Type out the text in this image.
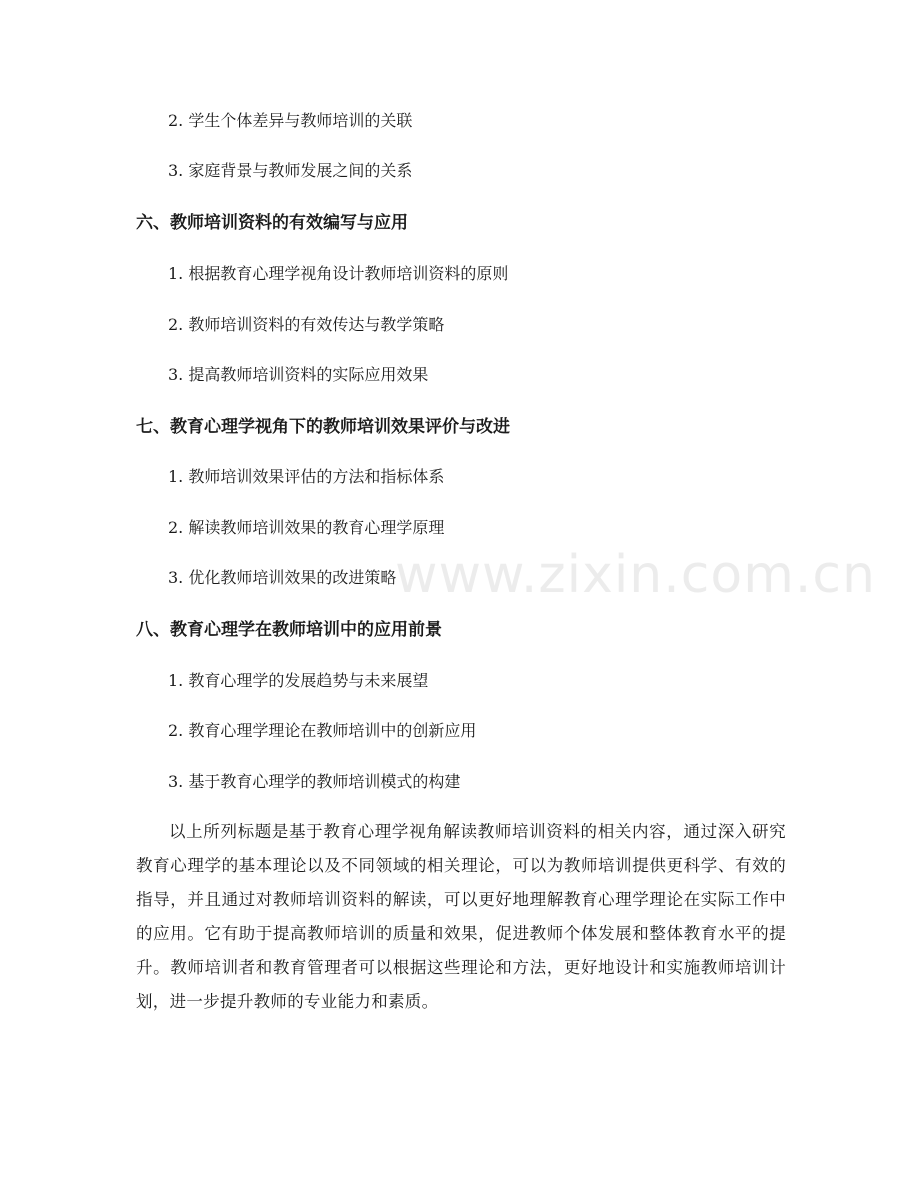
2. 学生个体差异与教师培训的关联
3. 家庭背景与教师发展之间的关系
六、教师培训资料的有效编写与应用
1. 根据教育心理学视角设计教师培训资料的原则
2. 教师培训资料的有效传达与教学策略
3. 提高教师培训资料的实际应用效果
七、教育心理学视角下的教师培训效果评价与改进
1. 教师培训效果评估的方法和指标体系
2. 解读教师培训效果的教育心理学原理
3. 优化教师培训效果的改进策略
八、教育心理学在教师培训中的应用前景
1. 教育心理学的发展趋势与未来展望
2. 教育心理学理论在教师培训中的创新应用
3. 基于教育心理学的教师培训模式的构建
以上所列标题是基于教育心理学视角解读教师培训资料的相关内容，通过深入研究教育心理学的基本理论以及不同领域的相关理论，可以为教师培训提供更科学、有效的指导，并且通过对教师培训资料的解读，可以更好地理解教育心理学理论在实际工作中的应用。它有助于提高教师培训的质量和效果，促进教师个体发展和整体教育水平的提升。教师培训者和教育管理者可以根据这些理论和方法，更好地设计和实施教师培训计划，进一步提升教师的专业能力和素质。
www.zixin.com.cn
